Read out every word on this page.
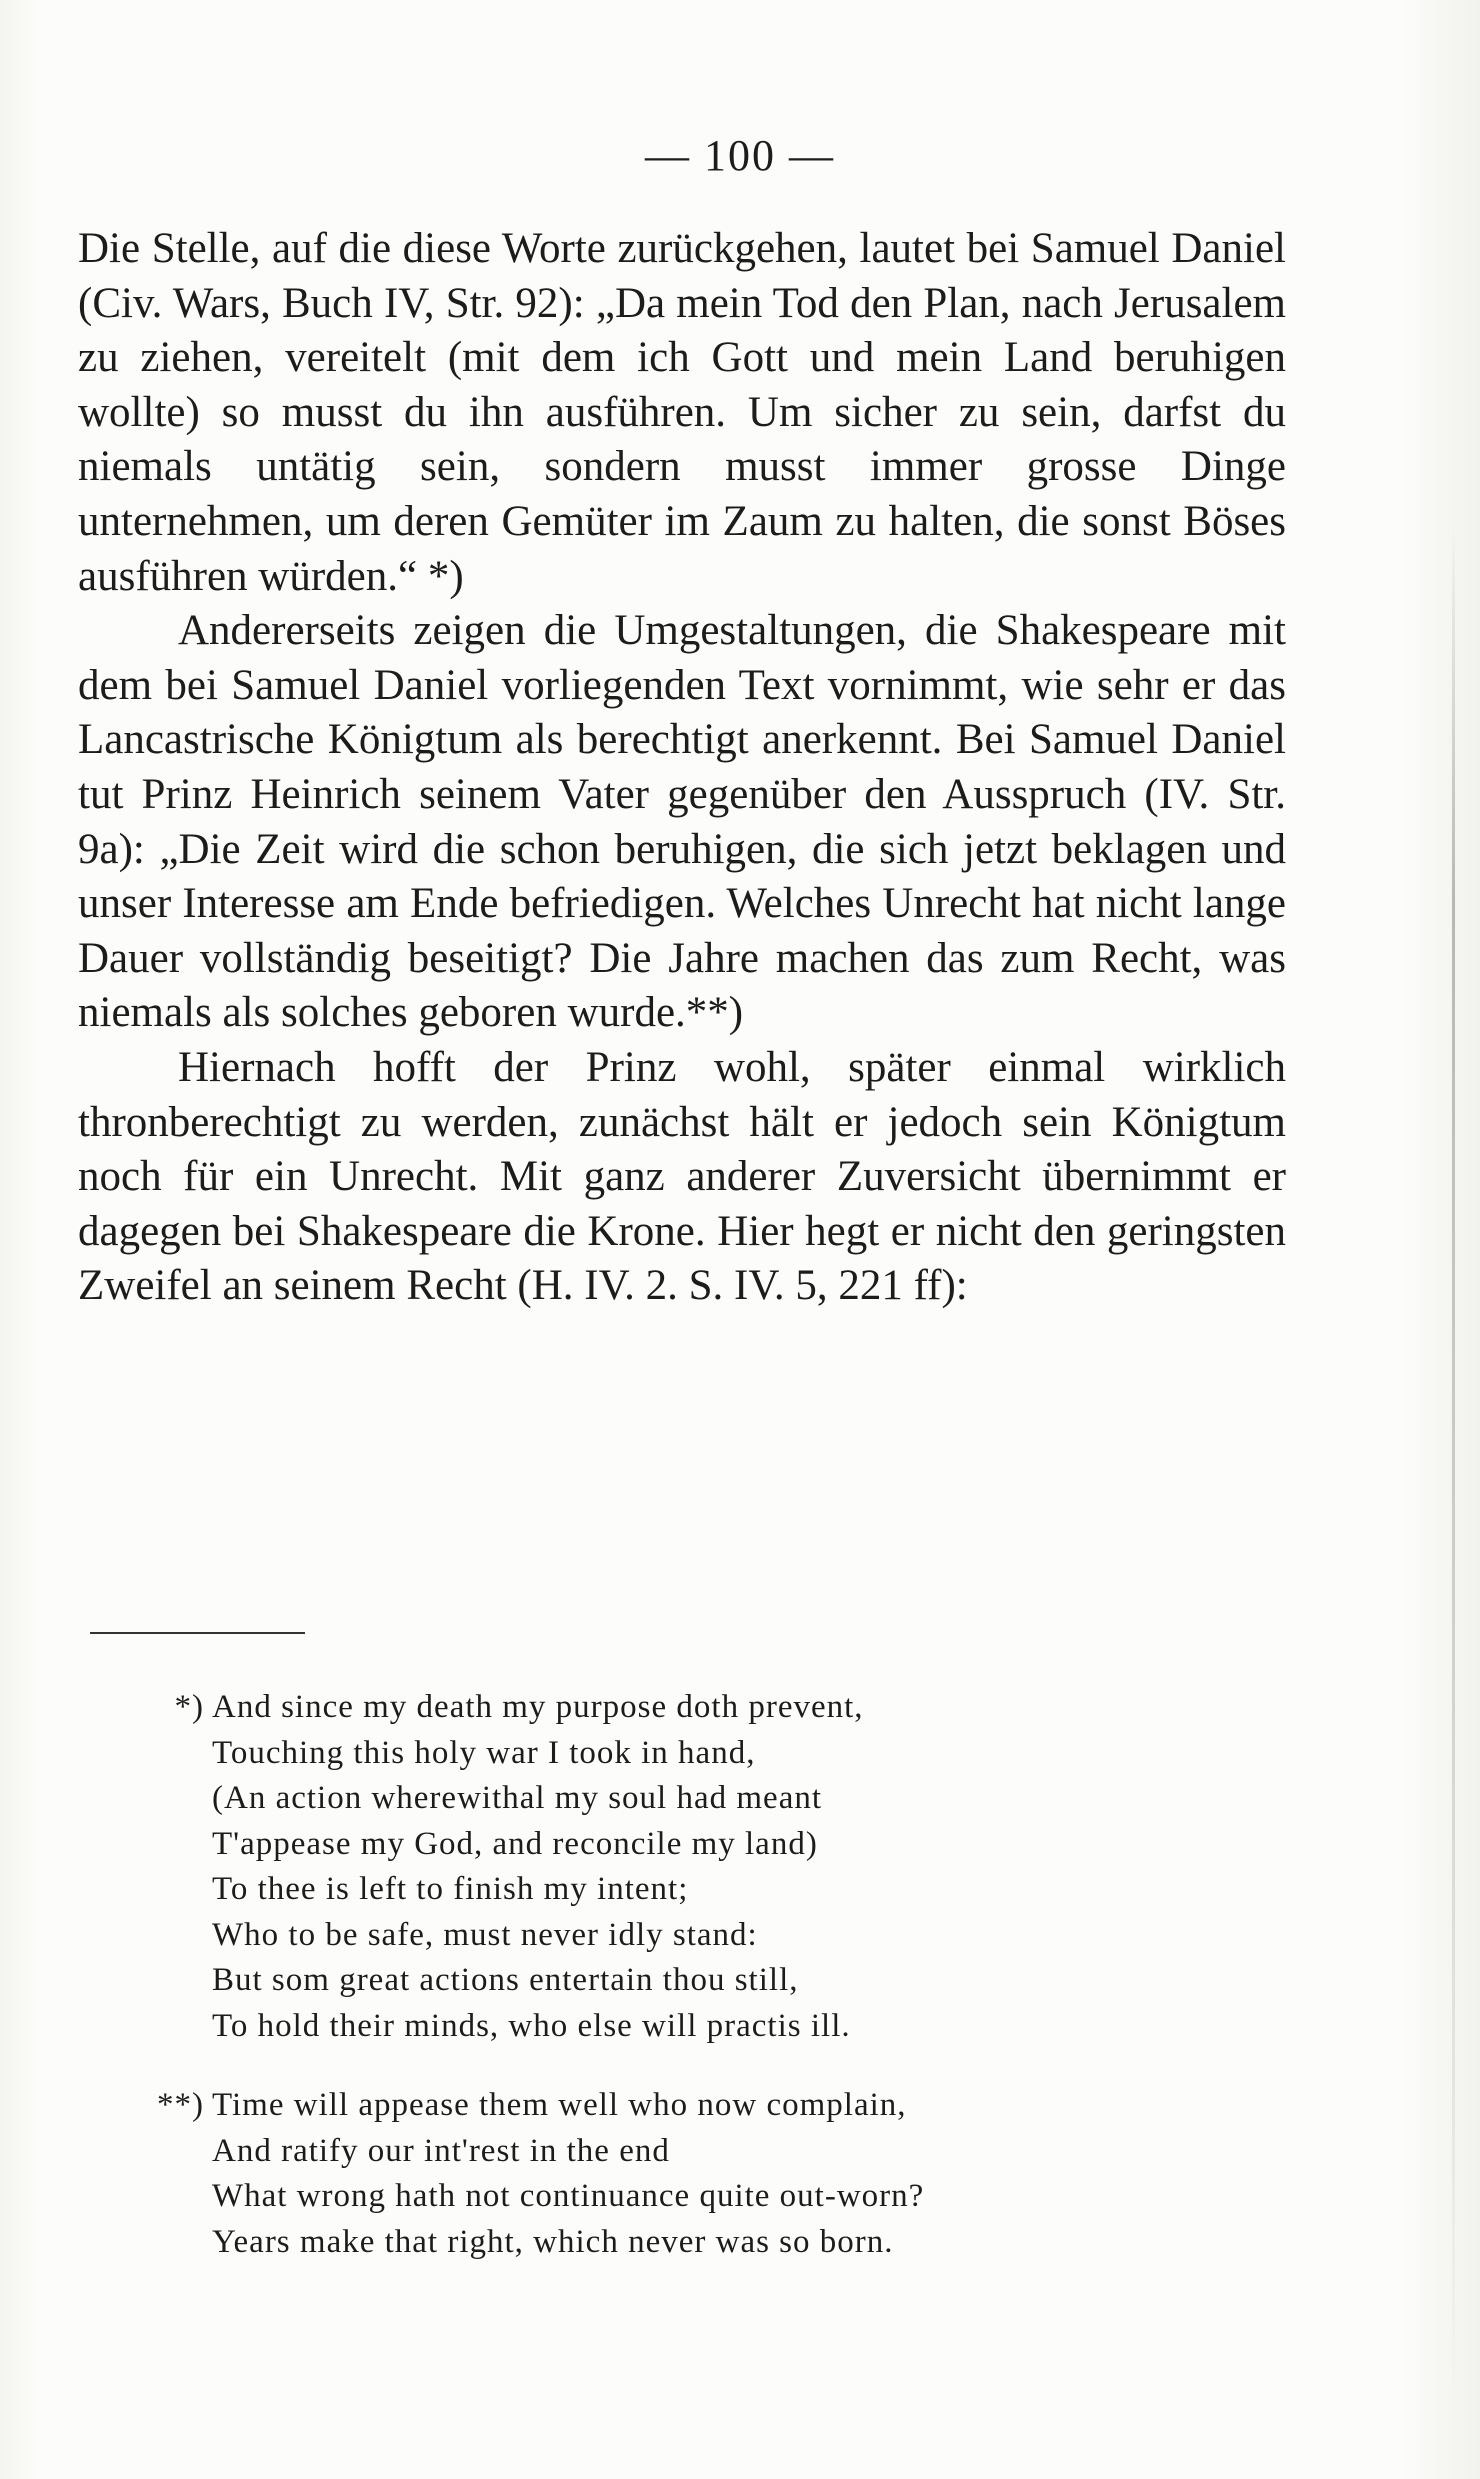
— 100 —

Die Stelle, auf die diese Worte zurückgehen, lautet bei Samuel Daniel (Civ. Wars, Buch IV, Str. 92): „Da mein Tod den Plan, nach Jerusalem zu ziehen, vereitelt (mit dem ich Gott und mein Land beruhigen wollte) so musst du ihn ausführen. Um sicher zu sein, darfst du niemals untätig sein, sondern musst immer grosse Dinge unternehmen, um deren Gemüter im Zaum zu halten, die sonst Böses ausführen würden.“ *)

Andererseits zeigen die Umgestaltungen, die Shakespeare mit dem bei Samuel Daniel vorliegenden Text vornimmt, wie sehr er das Lancastrische Königtum als berechtigt anerkennt. Bei Samuel Daniel tut Prinz Heinrich seinem Vater gegenüber den Ausspruch (IV. Str. 9a): „Die Zeit wird die schon beruhigen, die sich jetzt beklagen und unser Interesse am Ende befriedigen. Welches Unrecht hat nicht lange Dauer vollständig beseitigt? Die Jahre machen das zum Recht, was niemals als solches geboren wurde.**)

Hiernach hofft der Prinz wohl, später einmal wirklich thronberechtigt zu werden, zunächst hält er jedoch sein Königtum noch für ein Unrecht. Mit ganz anderer Zuversicht übernimmt er dagegen bei Shakespeare die Krone. Hier hegt er nicht den geringsten Zweifel an seinem Recht (H. IV. 2. S. IV. 5, 221 ff):

*) And since my death my purpose doth prevent,
Touching this holy war I took in hand,
(An action wherewithal my soul had meant
T'appease my God, and reconcile my land)
To thee is left to finish my intent;
Who to be safe, must never idly stand:
But som great actions entertain thou still,
To hold their minds, who else will practis ill.
**) Time will appease them well who now complain,
And ratify our int'rest in the end
What wrong hath not continuance quite out-worn?
Years make that right, which never was so born.
